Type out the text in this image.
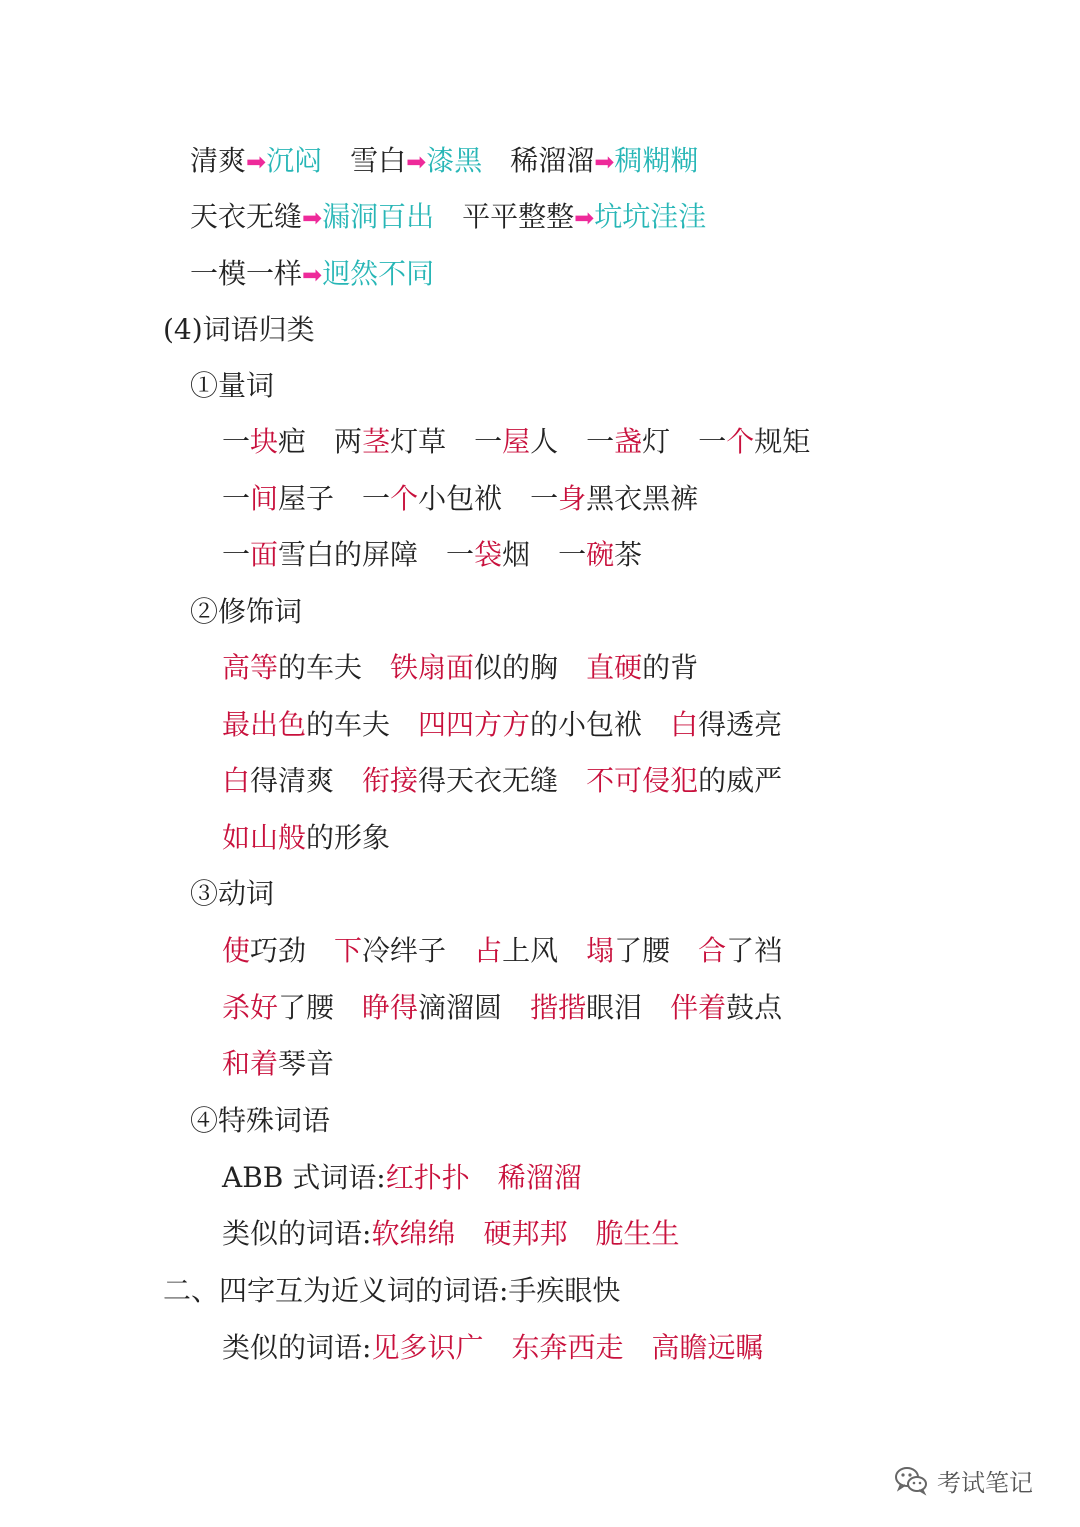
清爽➡沉闷 雪白➡漆黑 稀溜溜➡稠糊糊
天衣无缝➡漏洞百出 平平整整➡坑坑洼洼
一模一样➡迥然不同
(4)词语归类
①量词
一块疤 两茎灯草 一屋人 一盏灯 一个规矩
一间屋子 一个小包袱 一身黑衣黑裤
一面雪白的屏障 一袋烟 一碗茶
②修饰词
高等的车夫 铁扇面似的胸 直硬的背
最出色的车夫 四四方方的小包袱 白得透亮
白得清爽 衔接得天衣无缝 不可侵犯的威严
如山般的形象
③动词
使巧劲 下冷绊子 占上风 塌了腰 合了裆
杀好了腰 睁得滴溜圆 揩揩眼泪 伴着鼓点
和着琴音
④特殊词语
ABB 式词语:红扑扑 稀溜溜
类似的词语:软绵绵 硬邦邦 脆生生
二、四字互为近义词的词语:手疾眼快
类似的词语:见多识广 东奔西走 高瞻远瞩
考试笔记
